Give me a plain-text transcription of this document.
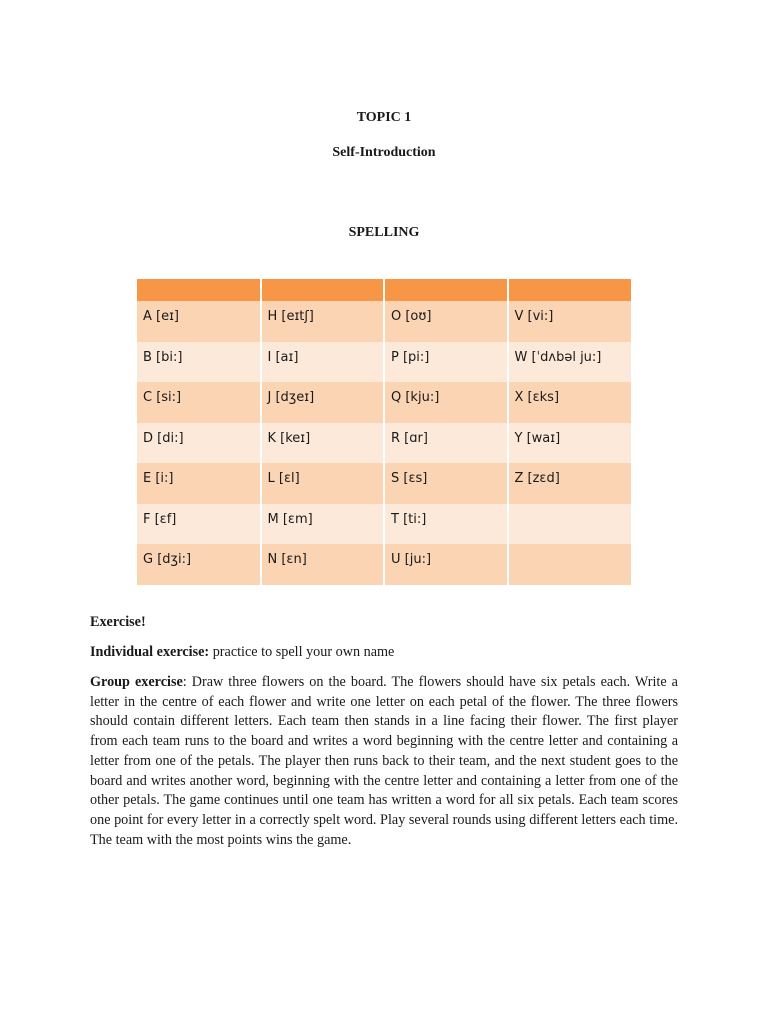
TOPIC 1
Self-Introduction
SPELLING

A [eɪ]	H [eɪtʃ]	O [oʊ]	V [vi:]
B [bi:]	I [aɪ]	P [pi:]	W [ˈdʌbəl ju:]
C [si:]	J [dʒeɪ]	Q [kju:]	X [ɛks]
D [di:]	K [keɪ]	R [ɑr]	Y [waɪ]
E [i:]	L [ɛl]	S [ɛs]	Z [zɛd]
F [ɛf]	M [ɛm]	T [ti:]	
G [dʒi:]	N [ɛn]	U [ju:]	
Exercise!
Individual exercise: practice to spell your own name
Group exercise: Draw three flowers on the board. The flowers should have six petals each. Write a letter in the centre of each flower and write one letter on each petal of the flower. The three flowers should contain different letters. Each team then stands in a line facing their flower. The first player from each team runs to the board and writes a word beginning with the centre letter and containing a letter from one of the petals. The player then runs back to their team, and the next student goes to the board and writes another word, beginning with the centre letter and containing a letter from one of the other petals. The game continues until one team has written a word for all six petals. Each team scores one point for every letter in a correctly spelt word. Play several rounds using different letters each time. The team with the most points wins the game.
